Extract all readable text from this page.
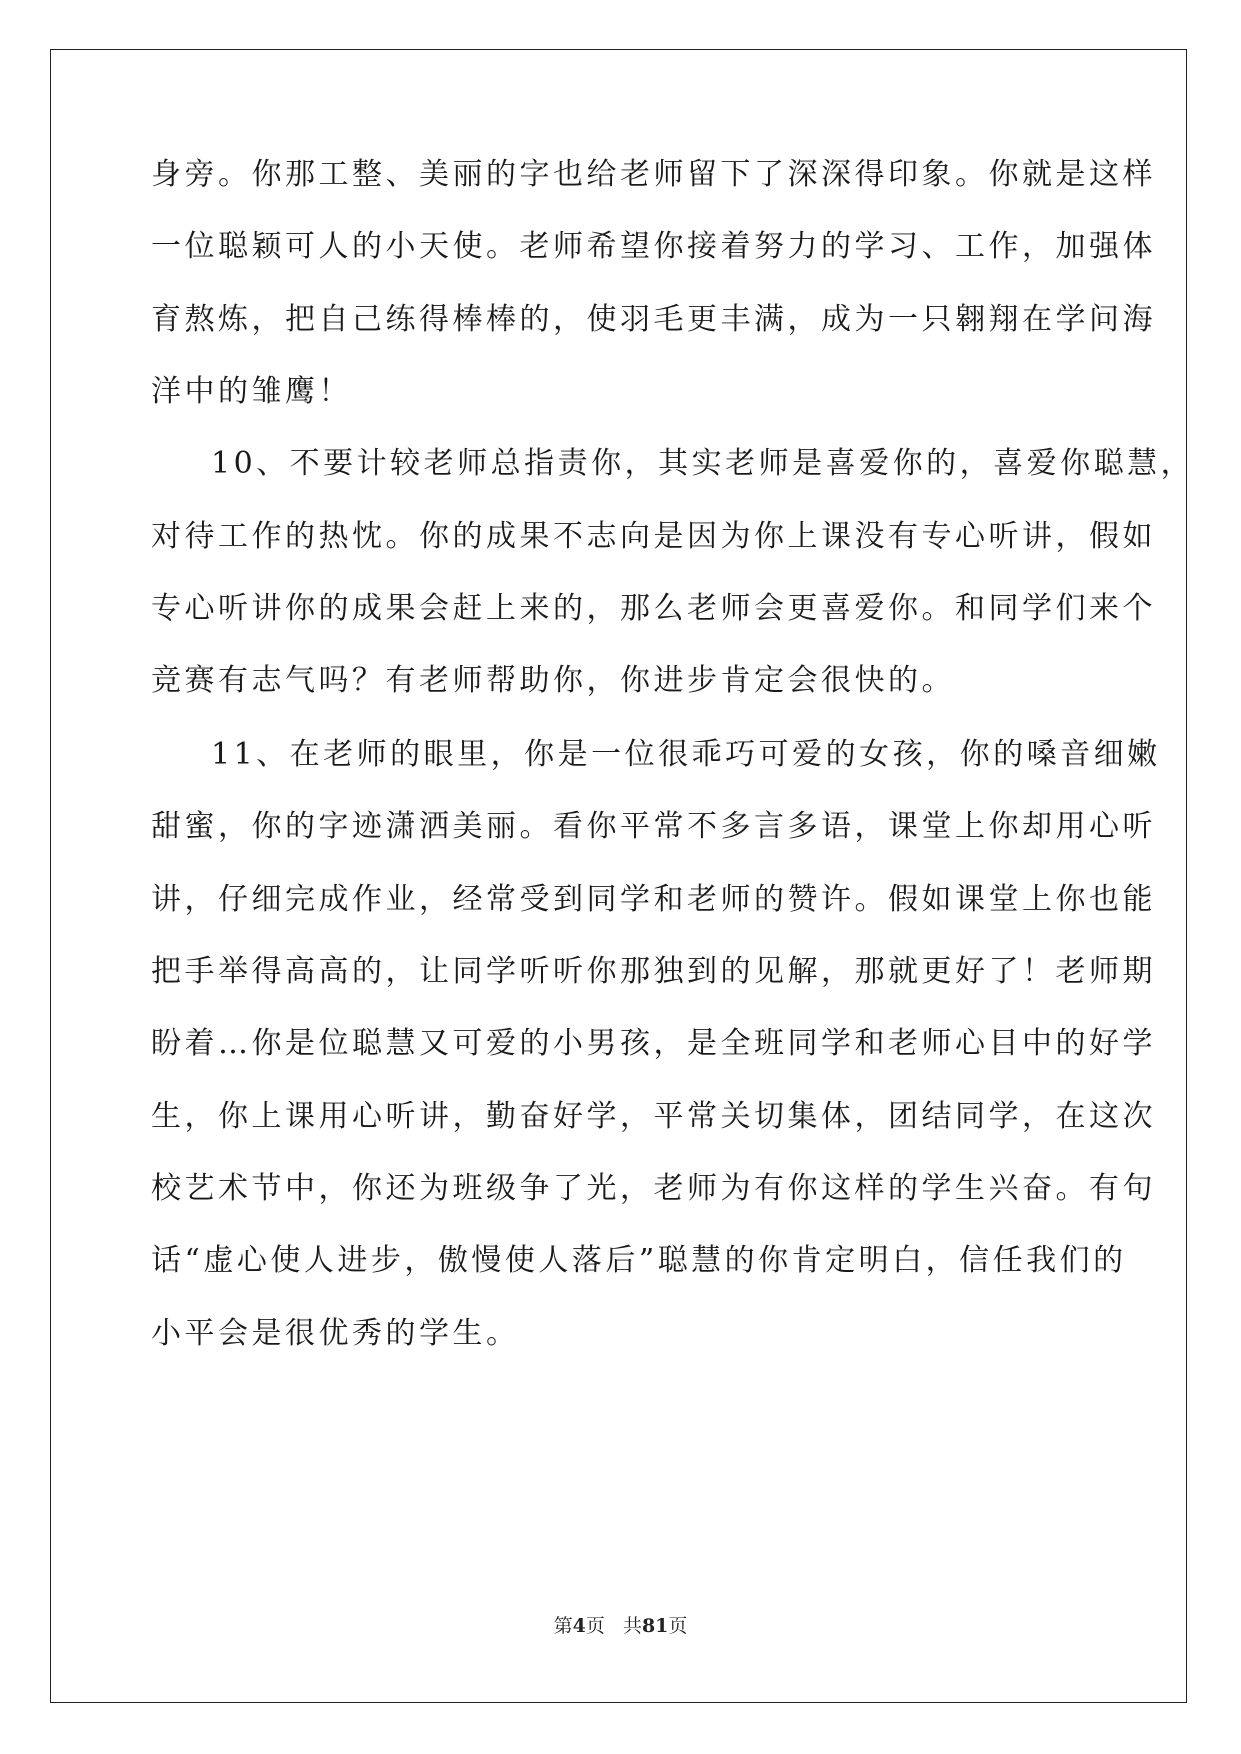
身旁。你那工整、美丽的字也给老师留下了深深得印象。你就是这样
一位聪颖可人的小天使。老师希望你接着努力的学习、工作，加强体
育熬炼，把自己练得棒棒的，使羽毛更丰满，成为一只翱翔在学问海
洋中的雏鹰！
10、不要计较老师总指责你，其实老师是喜爱你的，喜爱你聪慧，
对待工作的热忱。你的成果不志向是因为你上课没有专心听讲，假如
专心听讲你的成果会赶上来的，那么老师会更喜爱你。和同学们来个
竞赛有志气吗？有老师帮助你，你进步肯定会很快的。
11、在老师的眼里，你是一位很乖巧可爱的女孩，你的嗓音细嫩
甜蜜，你的字迹潇洒美丽。看你平常不多言多语，课堂上你却用心听
讲，仔细完成作业，经常受到同学和老师的赞许。假如课堂上你也能
把手举得高高的，让同学听听你那独到的见解，那就更好了！老师期
盼着…你是位聪慧又可爱的小男孩，是全班同学和老师心目中的好学
生，你上课用心听讲，勤奋好学，平常关切集体，团结同学，在这次
校艺术节中，你还为班级争了光，老师为有你这样的学生兴奋。有句
话“虚心使人进步，傲慢使人落后”聪慧的你肯定明白，信任我们的
小平会是很优秀的学生。
第4页   共81页
